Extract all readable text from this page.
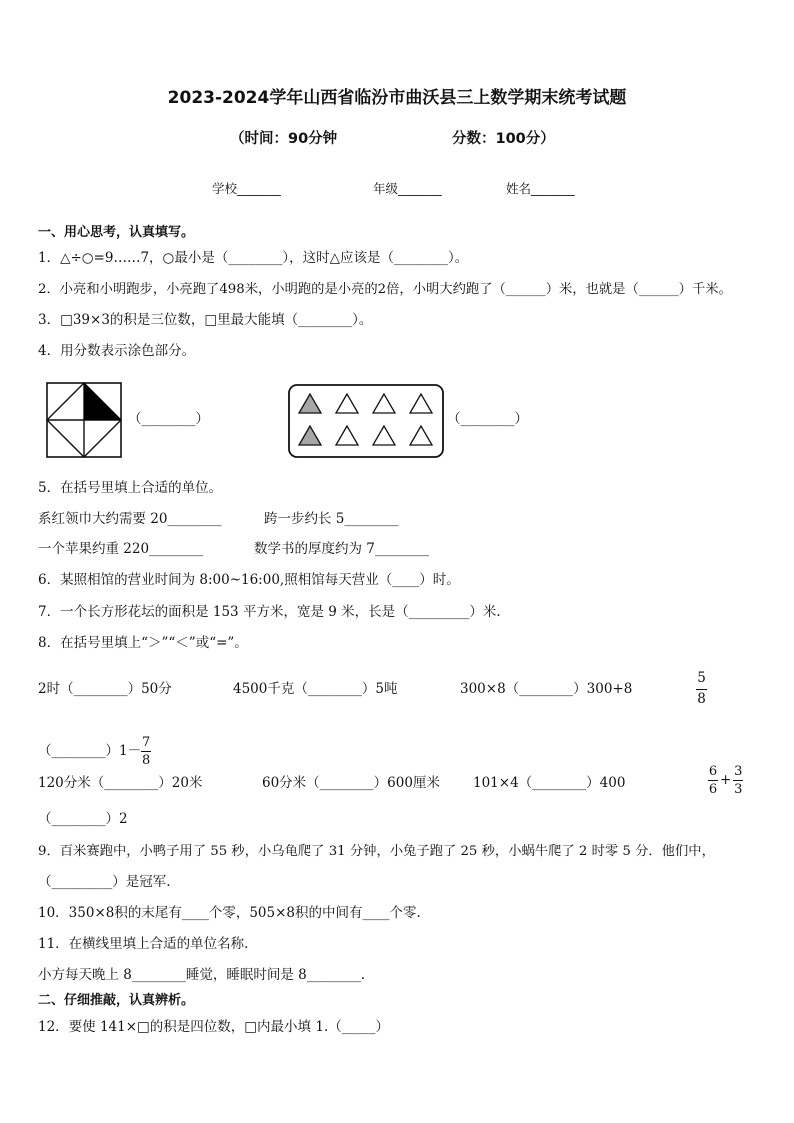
2023-2024学年山西省临汾市曲沃县三上数学期末统考试题
（时间：90分钟	分数：100分）
学校_______	年级_______	姓名_______
一、用心思考，认真填写。
1．△÷○=9……7，○最小是（________），这时△应该是（________）。
2．小亮和小明跑步，小亮跑了498米，小明跑的是小亮的2倍，小明大约跑了（______）米，也就是（______）千米。
3．□39×3的积是三位数，□里最大能填（________）。
4．用分数表示涂色部分。
（________）	（________）
5．在括号里填上合适的单位。
系红领巾大约需要 20________	跨一步约长 5________
一个苹果约重 220________	数学书的厚度约为 7________
6．某照相馆的营业时间为 8:00~16:00,照相馆每天营业（____）时。
7．一个长方形花坛的面积是 153 平方米，宽是 9 米，长是（_________）米.
8．在括号里填上“＞”“＜”或“=”。
2时（________）50分	4500千克（________）5吨	300×8（________）300+8
5
8
（________）1－ $\frac{7}{8}$
120分米（________）20米	60分米（________）600厘米 101×4（________）400	$\frac{6}{6} + \frac{3}{3}$
（________）2
9．百米赛跑中，小鸭子用了 55 秒，小乌龟爬了 31 分钟，小兔子跑了 25 秒，小蜗牛爬了 2 时零 5 分．他们中，
（_________）是冠军.
10．350×8积的末尾有____个零，505×8积的中间有____个零.
11．在横线里填上合适的单位名称.
小方每天晚上 8________睡觉，睡眠时间是 8________.
二、仔细推敲，认真辨析。
12．要使 141×□的积是四位数，□内最小填 1.（_____）
